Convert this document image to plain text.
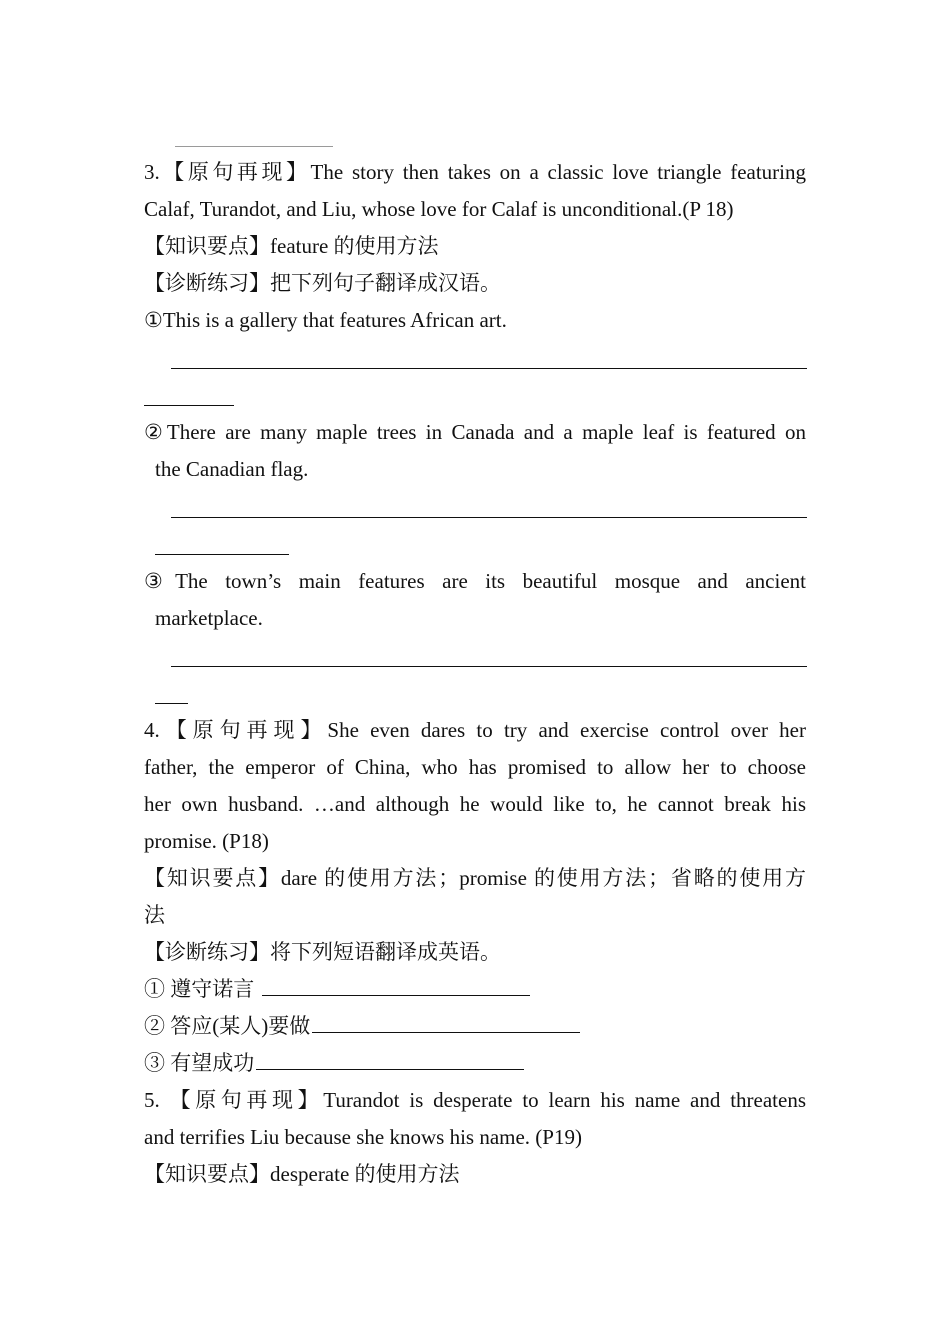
3.【原句再现】The story then takes on a classic love triangle featuring
Calaf, Turandot, and Liu, whose love for Calaf is unconditional.(P 18)
【知识要点】feature 的使用方法
【诊断练习】把下列句子翻译成汉语。
①This is a gallery that features African art.
②There are many maple trees in Canada and a maple leaf is featured on
the Canadian flag.
③The town’s main features are its beautiful mosque and ancient
marketplace.
4.【原句再现】She even dares to try and exercise control over her
father, the emperor of China, who has promised to allow her to choose
her own husband. …and although he would like to, he cannot break his
promise. (P18)
【知识要点】dare 的使用方法；promise 的使用方法；省略的使用方
法
【诊断练习】将下列短语翻译成英语。
① 遵守诺言
② 答应(某人)要做
③ 有望成功
5. 【原句再现】Turandot is desperate to learn his name and threatens
and terrifies Liu because she knows his name. (P19)
【知识要点】desperate 的使用方法
